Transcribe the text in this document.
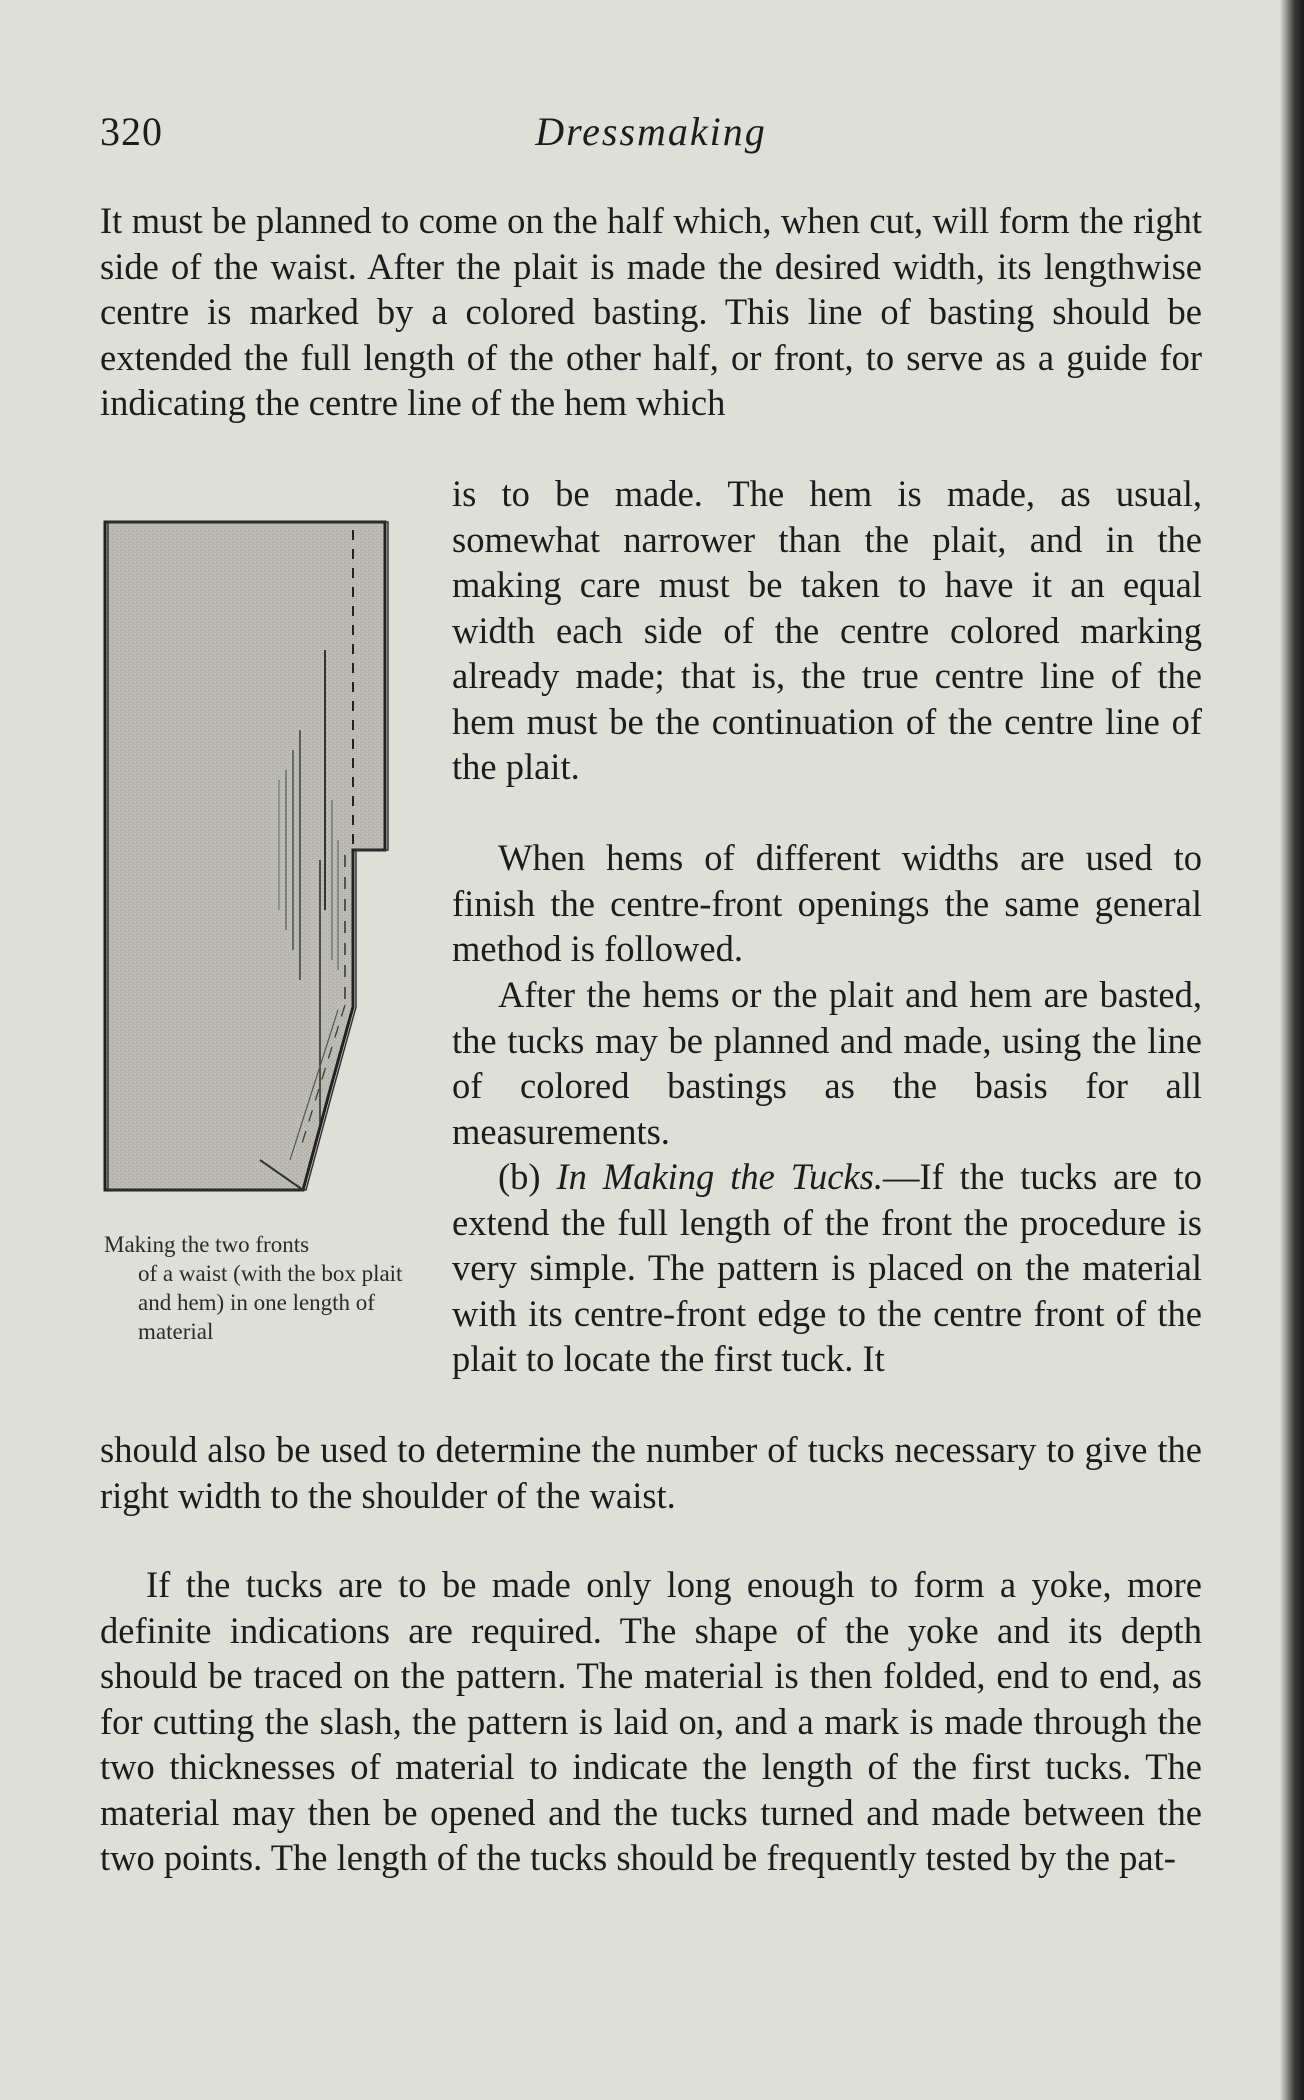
320	Dressmaking
It must be planned to come on the half which, when cut, will form the right side of the waist. After the plait is made the desired width, its lengthwise centre is marked by a colored basting. This line of basting should be extended the full length of the other half, or front, to serve as a guide for indicating the centre line of the hem which
is to be made. The hem is made, as usual, somewhat narrower than the plait, and in the making care must be taken to have it an equal width each side of the centre colored marking already made; that is, the true centre line of the hem must be the continuation of the centre line of the plait.
When hems of different widths are used to finish the centre-front openings the same general method is followed.
After the hems or the plait and hem are basted, the tucks may be planned and made, using the line of colored bastings as the basis for all measurements.
(b) In Making the Tucks.—If the tucks are to extend the full length of the front the procedure is very simple. The pattern is placed on the material with its centre-front edge to the centre front of the plait to locate the first tuck. It
should also be used to determine the number of tucks necessary to give the right width to the shoulder of the waist.
If the tucks are to be made only long enough to form a yoke, more definite indications are required. The shape of the yoke and its depth should be traced on the pattern. The material is then folded, end to end, as for cutting the slash, the pattern is laid on, and a mark is made through the two thicknesses of material to indicate the length of the first tucks. The material may then be opened and the tucks turned and made between the two points. The length of the tucks should be frequently tested by the pat-
Making the two fronts
of a waist (with the box plait and hem) in one length of material
